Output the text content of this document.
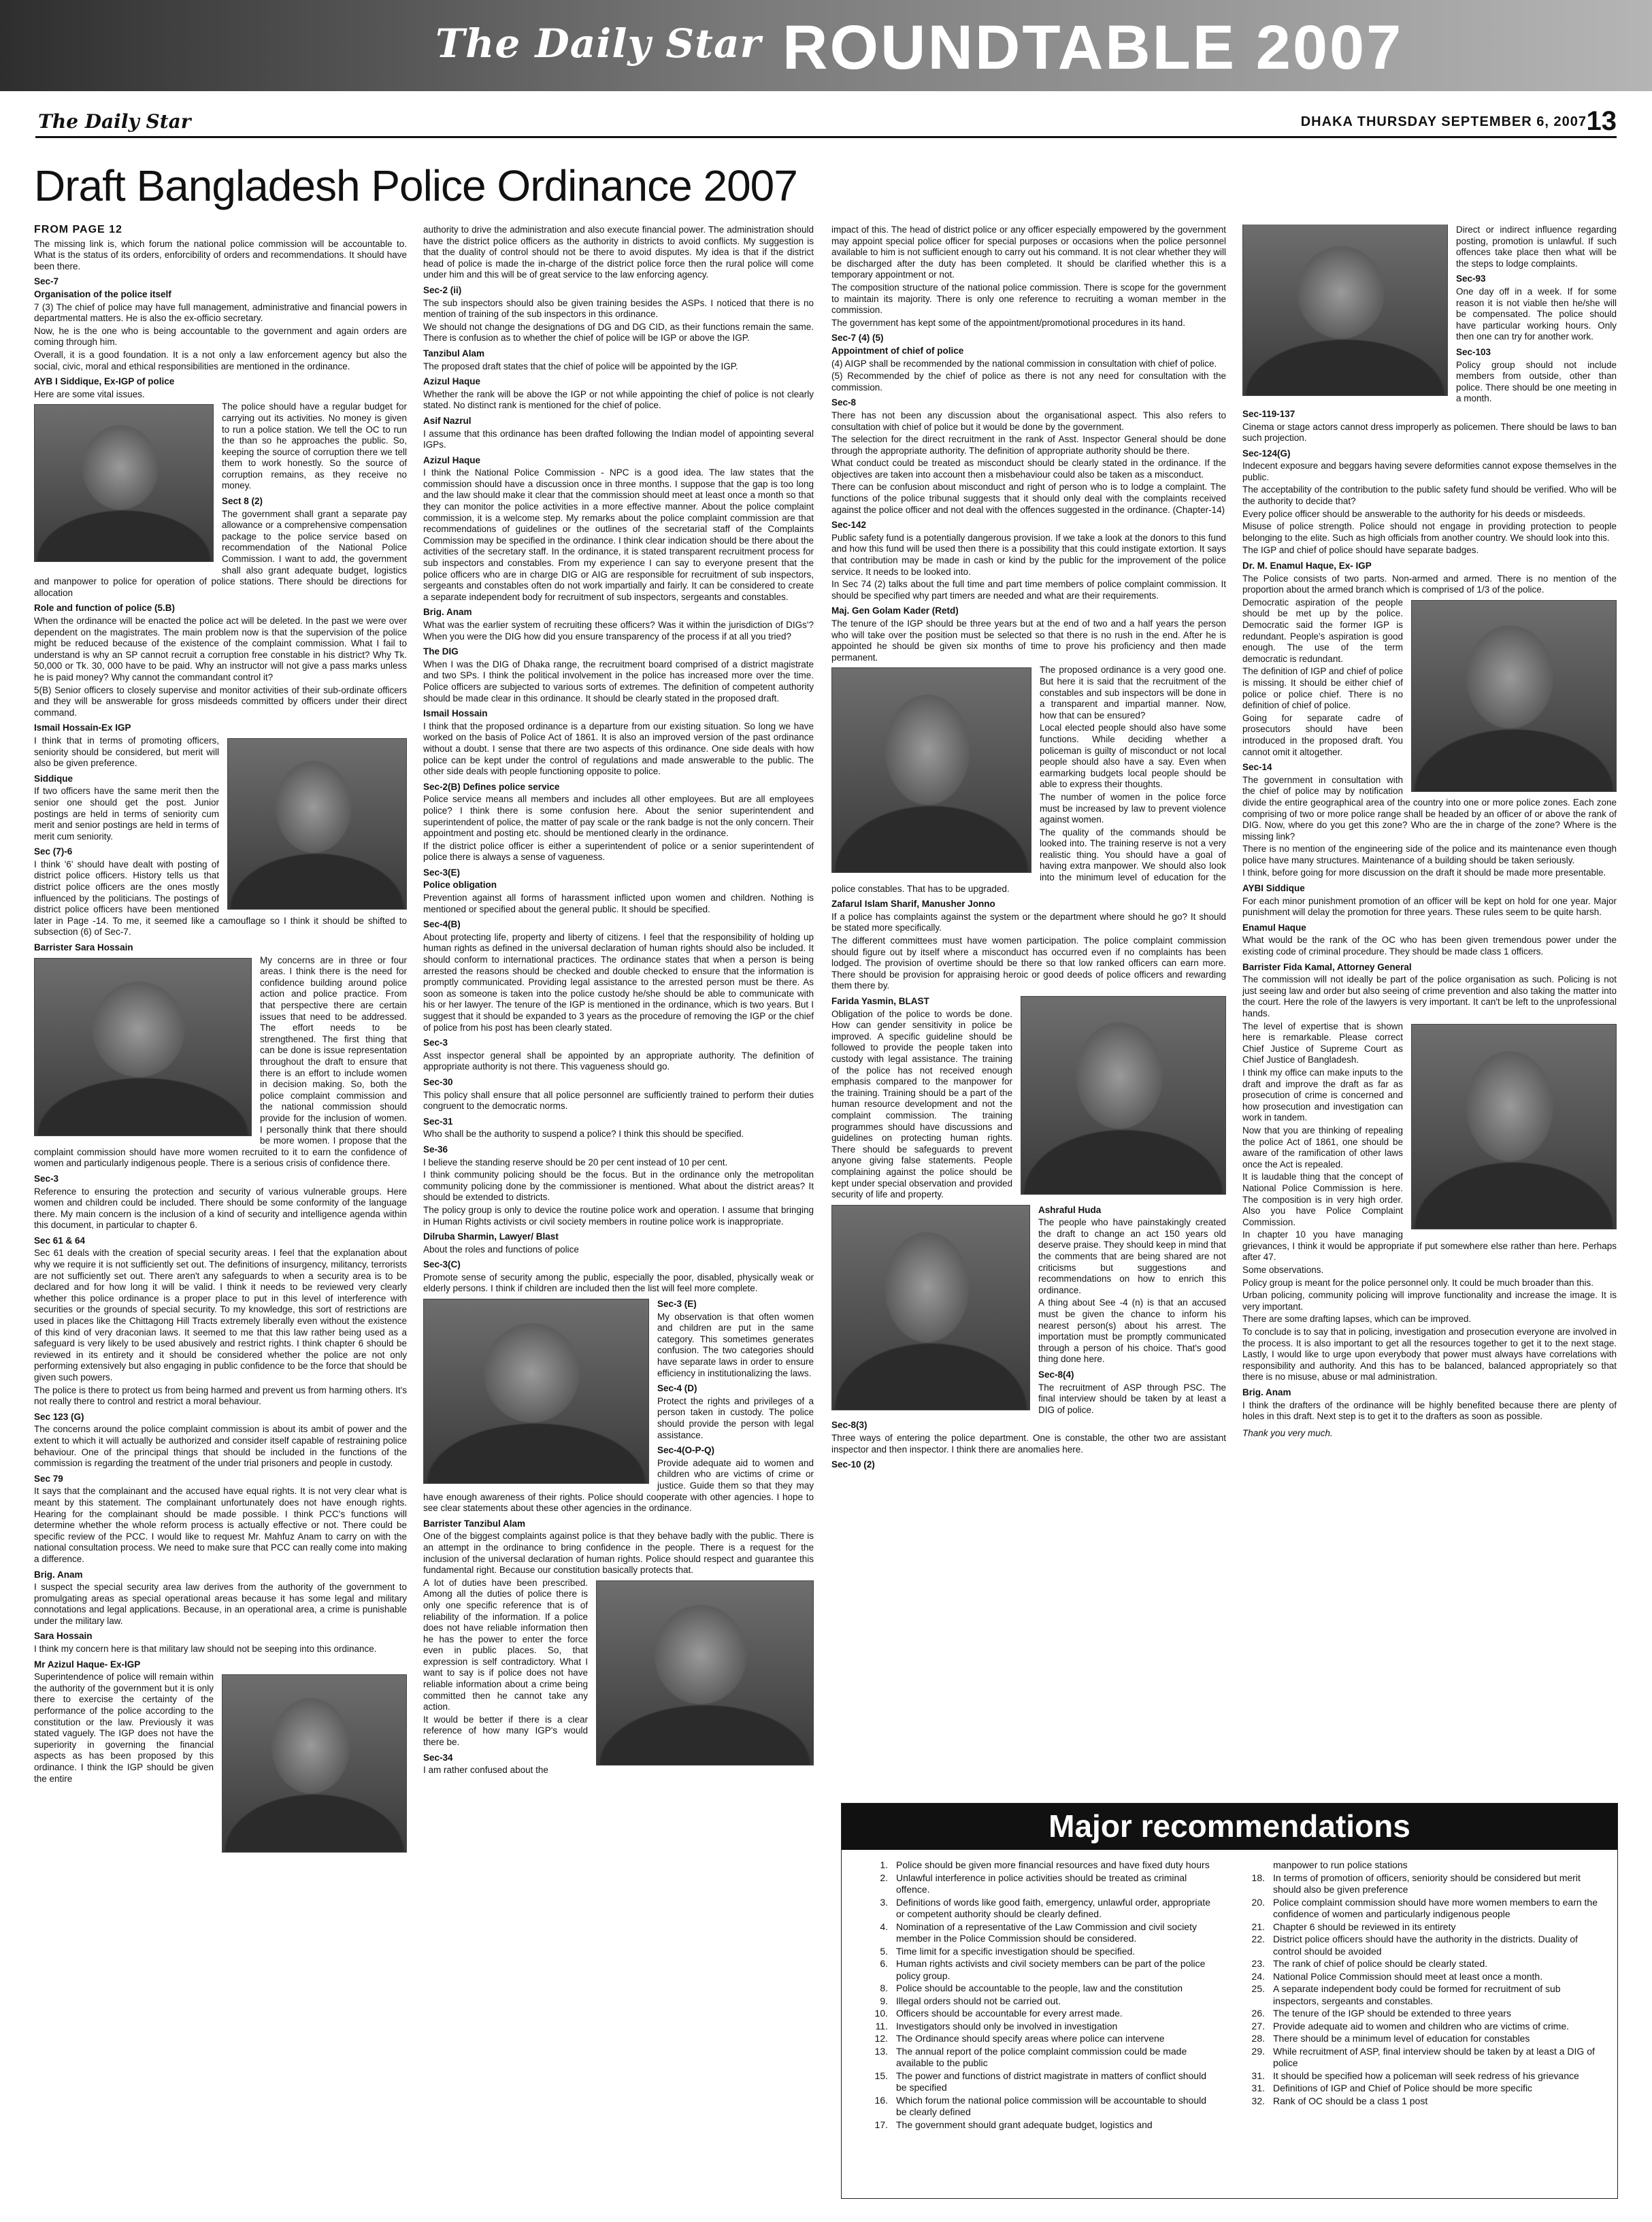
The Daily Star ROUNDTABLE 2007
The Daily Star	DHAKA THURSDAY SEPTEMBER 6, 2007 13
Draft Bangladesh Police Ordinance 2007

FROM PAGE 12

The missing link is, which forum the national police commission will be accountable to. What is the status of its orders, enforcibility of orders and recommendations. It should have been there.

Sec-7

Organisation of the police itself

7 (3) The chief of police may have full management, administrative and financial powers in departmental matters. He is also the ex-officio secretary.

Now, he is the one who is being accountable to the government and again orders are coming through him.

Overall, it is a good foundation. It is a not only a law enforcement agency but also the social, civic, moral and ethical responsibilities are mentioned in the ordinance.

AYB I Siddique, Ex-IGP of police

Here are some vital issues.

The police should have a regular budget for carrying out its activities. No money is given to run a police station. We tell the OC to run the than so he approaches the public. So, keeping the source of corruption there we tell them to work honestly. So the source of corruption remains, as they receive no money.

Sect 8 (2)

The government shall grant a separate pay allowance or a comprehensive compensation package to the police service based on recommendation of the National Police Commission. I want to add, the government shall also grant adequate budget, logistics and manpower to police for operation of police stations. There should be directions for allocation

Role and function of police (5.B)

When the ordinance will be enacted the police act will be deleted. In the past we were over dependent on the magistrates. The main problem now is that the supervision of the police might be reduced because of the existence of the complaint commission. What I fail to understand is why an SP cannot recruit a corruption free constable in his district? Why Tk. 50,000 or Tk. 30, 000 have to be paid. Why an instructor will not give a pass marks unless he is paid money? Why cannot the commandant control it?

5(B) Senior officers to closely supervise and monitor activities of their sub-ordinate officers and they will be answerable for gross misdeeds committed by officers under their direct command.

Ismail Hossain-Ex IGP

I think that in terms of promoting officers, seniority should be considered, but merit will also be given preference.

Siddique

If two officers have the same merit then the senior one should get the post. Junior postings are held in terms of seniority cum merit and senior postings are held in terms of merit cum seniority.

Sec (7)-6

I think '6' should have dealt with posting of district police officers. History tells us that district police officers are the ones mostly influenced by the politicians. The postings of district police officers have been mentioned later in Page -14. To me, it seemed like a camouflage so I think it should be shifted to subsection (6) of Sec-7.

Barrister Sara Hossain

My concerns are in three or four areas. I think there is the need for confidence building around police action and police practice. From that perspective there are certain issues that need to be addressed. The effort needs to be strengthened. The first thing that can be done is issue representation throughout the draft to ensure that there is an effort to include women in decision making. So, both the police complaint commission and the national commission should provide for the inclusion of women. I personally think that there should be more women. I propose that the complaint commission should have more women recruited to it to earn the confidence of women and particularly indigenous people. There is a serious crisis of confidence there.

Sec-3

Reference to ensuring the protection and security of various vulnerable groups. Here women and children could be included. There should be some conformity of the language there. My main concern is the inclusion of a kind of security and intelligence agenda within this document, in particular to chapter 6.

Sec 61 & 64

Sec 61 deals with the creation of special security areas. I feel that the explanation about why we require it is not sufficiently set out. The definitions of insurgency, militancy, terrorists are not sufficiently set out. There aren't any safeguards to when a security area is to be declared and for how long it will be valid. I think it needs to be reviewed very clearly whether this police ordinance is a proper place to put in this level of interference with securities or the grounds of special security. To my knowledge, this sort of restrictions are used in places like the Chittagong Hill Tracts extremely liberally even without the existence of this kind of very draconian laws. It seemed to me that this law rather being used as a safeguard is very likely to be used abusively and restrict rights. I think chapter 6 should be reviewed in its entirety and it should be considered whether the police are not only performing extensively but also engaging in public confidence to be the force that should be given such powers.

The police is there to protect us from being harmed and prevent us from harming others. It's not really there to control and restrict a moral behaviour.

Sec 123 (G)

The concerns around the police complaint commission is about its ambit of power and the extent to which it will actually be authorized and consider itself capable of restraining police behaviour. One of the principal things that should be included in the functions of the commission is regarding the treatment of the under trial prisoners and people in custody.

Sec 79

It says that the complainant and the accused have equal rights. It is not very clear what is meant by this statement. The complainant unfortunately does not have enough rights. Hearing for the complainant should be made possible. I think PCC's functions will determine whether the whole reform process is actually effective or not. There could be specific review of the PCC. I would like to request Mr. Mahfuz Anam to carry on with the national consultation process. We need to make sure that PCC can really come into making a difference.

Brig. Anam

I suspect the special security area law derives from the authority of the government to promulgating areas as special operational areas because it has some legal and military connotations and legal applications. Because, in an operational area, a crime is punishable under the military law.

Sara Hossain

I think my concern here is that military law should not be seeping into this ordinance.

Mr Azizul Haque- Ex-IGP

Superintendence of police will remain within the authority of the government but it is only there to exercise the certainty of the performance of the police according to the constitution or the law. Previously it was stated vaguely. The IGP does not have the superiority in governing the financial aspects as has been proposed by this ordinance. I think the IGP should be given the entire

authority to drive the administration and also execute financial power. The administration should have the district police officers as the authority in districts to avoid conflicts. My suggestion is that the duality of control should not be there to avoid disputes. My idea is that if the district head of police is made the in-charge of the district police force then the rural police will come under him and this will be of great service to the law enforcing agency.

Sec-2 (ii)

The sub inspectors should also be given training besides the ASPs. I noticed that there is no mention of training of the sub inspectors in this ordinance.

We should not change the designations of DG and DG CID, as their functions remain the same. There is confusion as to whether the chief of police will be IGP or above the IGP.

Tanzibul Alam

The proposed draft states that the chief of police will be appointed by the IGP.

Azizul Haque

Whether the rank will be above the IGP or not while appointing the chief of police is not clearly stated. No distinct rank is mentioned for the chief of police.

Asif Nazrul

I assume that this ordinance has been drafted following the Indian model of appointing several IGPs.

Azizul Haque

I think the National Police Commission - NPC is a good idea. The law states that the commission should have a discussion once in three months. I suppose that the gap is too long and the law should make it clear that the commission should meet at least once a month so that they can monitor the police activities in a more effective manner. About the police complaint commission, it is a welcome step. My remarks about the police complaint commission are that recommendations of guidelines or the outlines of the secretarial staff of the Complaints Commission may be specified in the ordinance. I think clear indication should be there about the activities of the secretary staff. In the ordinance, it is stated transparent recruitment process for sub inspectors and constables. From my experience I can say to everyone present that the police officers who are in charge DIG or AIG are responsible for recruitment of sub inspectors, sergeants and constables often do not work impartially and fairly. It can be considered to create a separate independent body for recruitment of sub inspectors, sergeants and constables.

Brig. Anam

What was the earlier system of recruiting these officers? Was it within the jurisdiction of DIGs'? When you were the DIG how did you ensure transparency of the process if at all you tried?

The DIG

When I was the DIG of Dhaka range, the recruitment board comprised of a district magistrate and two SPs. I think the political involvement in the police has increased more over the time. Police officers are subjected to various sorts of extremes. The definition of competent authority should be made clear in this ordinance. It should be clearly stated in the proposed draft.

Ismail Hossain

I think that the proposed ordinance is a departure from our existing situation. So long we have worked on the basis of Police Act of 1861. It is also an improved version of the past ordinance without a doubt. I sense that there are two aspects of this ordinance. One side deals with how police can be kept under the control of regulations and made answerable to the public. The other side deals with people functioning opposite to police.

Sec-2(B) Defines police service

Police service means all members and includes all other employees. But are all employees police? I think there is some confusion here. About the senior superintendent and superintendent of police, the matter of pay scale or the rank badge is not the only concern. Their appointment and posting etc. should be mentioned clearly in the ordinance.

If the district police officer is either a superintendent of police or a senior superintendent of police there is always a sense of vagueness.

Sec-3(E)

Police obligation

Prevention against all forms of harassment inflicted upon women and children. Nothing is mentioned or specified about the general public. It should be specified.

Sec-4(B)

About protecting life, property and liberty of citizens. I feel that the responsibility of holding up human rights as defined in the universal declaration of human rights should also be included. It should conform to international practices. The ordinance states that when a person is being arrested the reasons should be checked and double checked to ensure that the information is promptly communicated. Providing legal assistance to the arrested person must be there. As soon as someone is taken into the police custody he/she should be able to communicate with his or her lawyer. The tenure of the IGP is mentioned in the ordinance, which is two years. But I suggest that it should be expanded to 3 years as the procedure of removing the IGP or the chief of police from his post has been clearly stated.

Sec-3

Asst inspector general shall be appointed by an appropriate authority. The definition of appropriate authority is not there. This vagueness should go.

Sec-30

This policy shall ensure that all police personnel are sufficiently trained to perform their duties congruent to the democratic norms.

Sec-31

Who shall be the authority to suspend a police? I think this should be specified.

Se-36

I believe the standing reserve should be 20 per cent instead of 10 per cent.

I think community policing should be the focus. But in the ordinance only the metropolitan community policing done by the commissioner is mentioned. What about the district areas? It should be extended to districts.

The policy group is only to device the routine police work and operation. I assume that bringing in Human Rights activists or civil society members in routine police work is inappropriate.

Dilruba Sharmin, Lawyer/ Blast

About the roles and functions of police

Sec-3(C)

Promote sense of security among the public, especially the poor, disabled, physically weak or elderly persons. I think if children are included then the list will feel more complete.

Sec-3 (E)

My observation is that often women and children are put in the same category. This sometimes generates confusion. The two categories should have separate laws in order to ensure efficiency in institutionalizing the laws.

Sec-4 (D)

Protect the rights and privileges of a person taken in custody. The police should provide the person with legal assistance.

Sec-4(O-P-Q)

Provide adequate aid to women and children who are victims of crime or justice. Guide them so that they may have enough awareness of their rights. Police should cooperate with other agencies. I hope to see clear statements about these other agencies in the ordinance.

Barrister Tanzibul Alam

One of the biggest complaints against police is that they behave badly with the public. There is an attempt in the ordinance to bring confidence in the people. There is a request for the inclusion of the universal declaration of human rights. Police should respect and guarantee this fundamental right. Because our constitution basically protects that.

A lot of duties have been prescribed. Among all the duties of police there is only one specific reference that is of reliability of the information. If a police does not have reliable information then he has the power to enter the force even in public places. So, that expression is self contradictory. What I want to say is if police does not have reliable information about a crime being committed then he cannot take any action.

It would be better if there is a clear reference of how many IGP's would there be.

Sec-34

I am rather confused about the

impact of this. The head of district police or any officer especially empowered by the government may appoint special police officer for special purposes or occasions when the police personnel available to him is not sufficient enough to carry out his command. It is not clear whether they will be discharged after the duty has been completed. It should be clarified whether this is a temporary appointment or not.

The composition structure of the national police commission. There is scope for the government to maintain its majority. There is only one reference to recruiting a woman member in the commission.

The government has kept some of the appointment/promotional procedures in its hand.

Sec-7 (4) (5)

Appointment of chief of police

(4) AIGP shall be recommended by the national commission in consultation with chief of police.

(5) Recommended by the chief of police as there is not any need for consultation with the commission.

Sec-8

There has not been any discussion about the organisational aspect. This also refers to consultation with chief of police but it would be done by the government.

The selection for the direct recruitment in the rank of Asst. Inspector General should be done through the appropriate authority. The definition of appropriate authority should be there.

What conduct could be treated as misconduct should be clearly stated in the ordinance. If the objectives are taken into account then a misbehaviour could also be taken as a misconduct.

There can be confusion about misconduct and right of person who is to lodge a complaint. The functions of the police tribunal suggests that it should only deal with the complaints received against the police officer and not deal with the offences suggested in the ordinance. (Chapter-14)

Sec-142

Public safety fund is a potentially dangerous provision. If we take a look at the donors to this fund and how this fund will be used then there is a possibility that this could instigate extortion. It says that contribution may be made in cash or kind by the public for the improvement of the police service. It needs to be looked into.

In Sec 74 (2) talks about the full time and part time members of police complaint commission. It should be specified why part timers are needed and what are their requirements.

Maj. Gen Golam Kader (Retd)

The tenure of the IGP should be three years but at the end of two and a half years the person who will take over the position must be selected so that there is no rush in the end. After he is appointed he should be given six months of time to prove his proficiency and then made permanent.

The proposed ordinance is a very good one. But here it is said that the recruitment of the constables and sub inspectors will be done in a transparent and impartial manner. Now, how that can be ensured?

Local elected people should also have some functions. While deciding whether a policeman is guilty of misconduct or not local people should also have a say. Even when earmarking budgets local people should be able to express their thoughts.

The number of women in the police force must be increased by law to prevent violence against women.

The quality of the commands should be looked into. The training reserve is not a very realistic thing. You should have a goal of having extra manpower. We should also look into the minimum level of education for the police constables. That has to be upgraded.

Zafarul Islam Sharif, Manusher Jonno

If a police has complaints against the system or the department where should he go? It should be stated more specifically.

The different committees must have women participation. The police complaint commission should figure out by itself where a misconduct has occurred even if no complaints has been lodged. The provision of overtime should be there so that low ranked officers can earn more. There should be provision for appraising heroic or good deeds of police officers and rewarding them there by.

Farida Yasmin, BLAST

Obligation of the police to words be done. How can gender sensitivity in police be improved. A specific guideline should be followed to provide the people taken into custody with legal assistance. The training of the police has not received enough emphasis compared to the manpower for the training. Training should be a part of the human resource development and not the complaint commission. The training programmes should have discussions and guidelines on protecting human rights. There should be safeguards to prevent anyone giving false statements. People complaining against the police should be kept under special observation and provided security of life and property.

Ashraful Huda

The people who have painstakingly created the draft to change an act 150 years old deserve praise. They should keep in mind that the comments that are being shared are not criticisms but suggestions and recommendations on how to enrich this ordinance.

A thing about See -4 (n) is that an accused must be given the chance to inform his nearest person(s) about his arrest. The importation must be promptly communicated through a person of his choice. That's good thing done here.

Sec-8(4)

The recruitment of ASP through PSC. The final interview should be taken by at least a DIG of police.

Sec-8(3)

Three ways of entering the police department. One is constable, the other two are assistant inspector and then inspector. I think there are anomalies here.

Sec-10 (2)

Direct or indirect influence regarding posting, promotion is unlawful. If such offences take place then what will be the steps to lodge complaints.

Sec-93

One day off in a week. If for some reason it is not viable then he/she will be compensated. The police should have particular working hours. Only then one can try for another work.

Sec-103

Policy group should not include members from outside, other than police. There should be one meeting in a month.

Sec-119-137

Cinema or stage actors cannot dress improperly as policemen. There should be laws to ban such projection.

Sec-124(G)

Indecent exposure and beggars having severe deformities cannot expose themselves in the public.

The acceptability of the contribution to the public safety fund should be verified. Who will be the authority to decide that?

Every police officer should be answerable to the authority for his deeds or misdeeds.

Misuse of police strength. Police should not engage in providing protection to people belonging to the elite. Such as high officials from another country. We should look into this.

The IGP and chief of police should have separate badges.

Dr. M. Enamul Haque, Ex- IGP

The Police consists of two parts. Non-armed and armed. There is no mention of the proportion about the armed branch which is comprised of 1/3 of the police.

Democratic aspiration of the people should be met up by the police. Democratic said the former IGP is redundant. People's aspiration is good enough. The use of the term democratic is redundant.

The definition of IGP and chief of police is missing. It should be either chief of police or police chief. There is no definition of chief of police.

Going for separate cadre of prosecutors should have been introduced in the proposed draft. You cannot omit it altogether.

Sec-14

The government in consultation with the chief of police may by notification divide the entire geographical area of the country into one or more police zones. Each zone comprising of two or more police range shall be headed by an officer of or above the rank of DIG. Now, where do you get this zone? Who are the in charge of the zone? Where is the missing link?

There is no mention of the engineering side of the police and its maintenance even though police have many structures. Maintenance of a building should be taken seriously.

I think, before going for more discussion on the draft it should be made more presentable.

AYBI Siddique

For each minor punishment promotion of an officer will be kept on hold for one year. Major punishment will delay the promotion for three years. These rules seem to be quite harsh.

Enamul Haque

What would be the rank of the OC who has been given tremendous power under the existing code of criminal procedure. They should be made class 1 officers.

Barrister Fida Kamal, Attorney General

The commission will not ideally be part of the police organisation as such. Policing is not just seeing law and order but also seeing of crime prevention and also taking the matter into the court. Here the role of the lawyers is very important. It can't be left to the unprofessional hands.

The level of expertise that is shown here is remarkable. Please correct Chief Justice of Supreme Court as Chief Justice of Bangladesh.

I think my office can make inputs to the draft and improve the draft as far as prosecution of crime is concerned and how prosecution and investigation can work in tandem.

Now that you are thinking of repealing the police Act of 1861, one should be aware of the ramification of other laws once the Act is repealed.

It is laudable thing that the concept of National Police Commission is here. The composition is in very high order. Also you have Police Complaint Commission.

In chapter 10 you have managing grievances, I think it would be appropriate if put somewhere else rather than here. Perhaps after 47.

Some observations.

Policy group is meant for the police personnel only. It could be much broader than this.

Urban policing, community policing will improve functionality and increase the image. It is very important.

There are some drafting lapses, which can be improved.

To conclude is to say that in policing, investigation and prosecution everyone are involved in the process. It is also important to get all the resources together to get it to the next stage. Lastly, I would like to urge upon everybody that power must always have correlations with responsibility and authority. And this has to be balanced, balanced appropriately so that there is no misuse, abuse or mal administration.

Brig. Anam

I think the drafters of the ordinance will be highly benefited because there are plenty of holes in this draft. Next step is to get it to the drafters as soon as possible.

Thank you very much.

Major recommendations
1. Police should be given more financial resources and have fixed duty hours
2. Unlawful interference in police activities should be treated as criminal offence.
3. Definitions of words like good faith, emergency, unlawful order, appropriate or competent authority should be clearly defined.
4. Nomination of a representative of the Law Commission and civil society member in the Police Commission should be considered.
5. Time limit for a specific investigation should be specified.
6. Human rights activists and civil society members can be part of the police policy group.
8. Police should be accountable to the people, law and the constitution
9. Illegal orders should not be carried out.
10. Officers should be accountable for every arrest made.
11. Investigators should only be involved in investigation
12. The Ordinance should specify areas where police can intervene
13. The annual report of the police complaint commission could be made available to the public
15. The power and functions of district magistrate in matters of conflict should be specified
16. Which forum the national police commission will be accountable to should be clearly defined
17. The government should grant adequate budget, logistics and
manpower to run police stations
18. In terms of promotion of officers, seniority should be considered but merit should also be given preference
20. Police complaint commission should have more women members to earn the confidence of women and particularly indigenous people
21. Chapter 6 should be reviewed in its entirety
22. District police officers should have the authority in the districts. Duality of control should be avoided
23. The rank of chief of police should be clearly stated.
24. National Police Commission should meet at least once a month.
25. A separate independent body could be formed for recruitment of sub inspectors, sergeants and constables.
26. The tenure of the IGP should be extended to three years
27. Provide adequate aid to women and children who are victims of crime.
28. There should be a minimum level of education for constables
29. While recruitment of ASP, final interview should be taken by at least a DIG of police
31. It should be specified how a policeman will seek redress of his grievance
31. Definitions of IGP and Chief of Police should be more specific
32. Rank of OC should be a class 1 post
